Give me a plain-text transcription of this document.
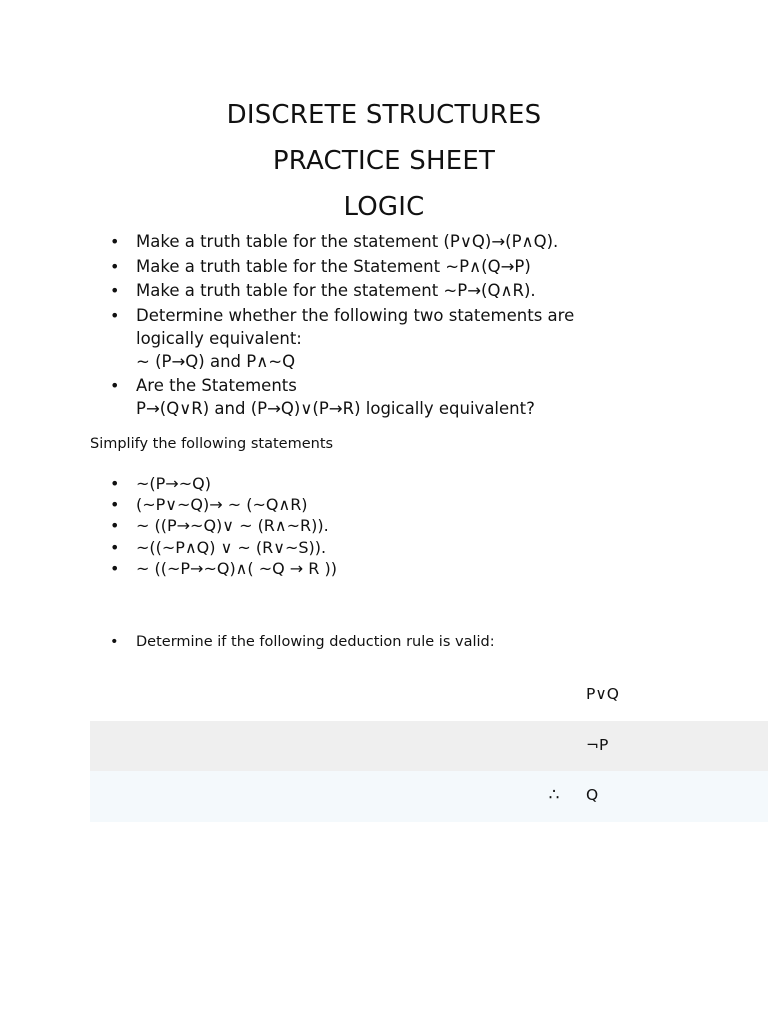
DISCRETE STRUCTURES
PRACTICE SHEET
LOGIC
• Make a truth table for the statement (P∨Q)→(P∧Q).
• Make a truth table for the Statement ~P∧(Q→P)
• Make a truth table for the statement ~P→(Q∧R).
• Determine whether the following two statements are
logically equivalent:
~ (P→Q) and P∧~Q
• Are the Statements
P→(Q∨R) and (P→Q)∨(P→R) logically equivalent?

Simplify the following statements

• ~(P→~Q)
• (~P∨~Q)→ ~ (~Q∧R)
• ~ ((P→~Q)∨ ~ (R∧~R)).
• ~((~P∧Q) ∨ ~ (R∨~S)).
• ~ ((~P→~Q)∧( ~Q → R ))
• Determine if the following deduction rule is valid:
P∨Q
¬P
∴ Q
